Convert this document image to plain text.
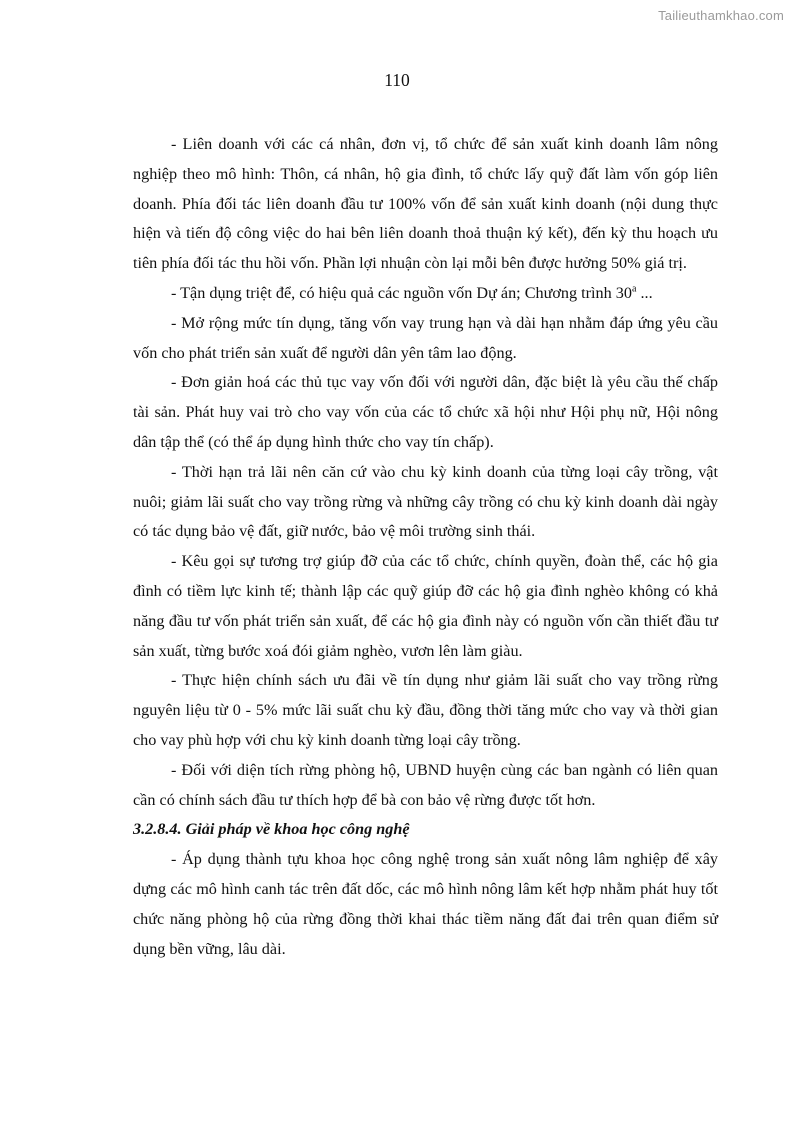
Tailieuthamkhao.com
110

- Liên doanh với các cá nhân, đơn vị, tổ chức để sản xuất kinh doanh lâm nông nghiệp theo mô hình: Thôn, cá nhân, hộ gia đình, tổ chức lấy quỹ đất làm vốn góp liên doanh. Phía đối tác liên doanh đầu tư 100% vốn để sản xuất kinh doanh (nội dung thực hiện và tiến độ công việc do hai bên liên doanh thoả thuận ký kết), đến kỳ thu hoạch ưu tiên phía đối tác thu hồi vốn. Phần lợi nhuận còn lại mỗi bên được hưởng 50% giá trị.

- Tận dụng triệt để, có hiệu quả các nguồn vốn Dự án; Chương trình 30$^a$ ...

- Mở rộng mức tín dụng, tăng vốn vay trung hạn và dài hạn nhằm đáp ứng yêu cầu vốn cho phát triển sản xuất để người dân yên tâm lao động.

- Đơn giản hoá các thủ tục vay vốn đối với người dân, đặc biệt là yêu cầu thế chấp tài sản. Phát huy vai trò cho vay vốn của các tổ chức xã hội như Hội phụ nữ, Hội nông dân tập thể (có thể áp dụng hình thức cho vay tín chấp).

- Thời hạn trả lãi nên căn cứ vào chu kỳ kinh doanh của từng loại cây trồng, vật nuôi; giảm lãi suất cho vay trồng rừng và những cây trồng có chu kỳ kinh doanh dài ngày có tác dụng bảo vệ đất, giữ nước, bảo vệ môi trường sinh thái.

- Kêu gọi sự tương trợ giúp đỡ của các tổ chức, chính quyền, đoàn thể, các hộ gia đình có tiềm lực kinh tế; thành lập các quỹ giúp đỡ các hộ gia đình nghèo không có khả năng đầu tư vốn phát triển sản xuất, để các hộ gia đình này có nguồn vốn cần thiết đầu tư sản xuất, từng bước xoá đói giảm nghèo, vươn lên làm giàu.

- Thực hiện chính sách ưu đãi về tín dụng như giảm lãi suất cho vay trồng rừng nguyên liệu từ 0 - 5% mức lãi suất chu kỳ đầu, đồng thời tăng mức cho vay và thời gian cho vay phù hợp với chu kỳ kinh doanh từng loại cây trồng.

- Đối với diện tích rừng phòng hộ, UBND huyện cùng các ban ngành có liên quan cần có chính sách đầu tư thích hợp để bà con bảo vệ rừng được tốt hơn.

3.2.8.4. Giải pháp về khoa học công nghệ

- Áp dụng thành tựu khoa học công nghệ trong sản xuất nông lâm nghiệp để xây dựng các mô hình canh tác trên đất dốc, các mô hình nông lâm kết hợp nhằm phát huy tốt chức năng phòng hộ của rừng đồng thời khai thác tiềm năng đất đai trên quan điểm sử dụng bền vững, lâu dài.
